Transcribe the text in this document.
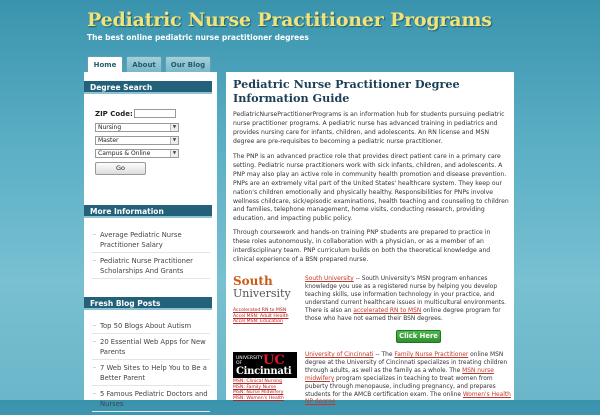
Pediatric Nurse Practitioner Programs
The best online pediatric nurse practitioner degrees
Home	About	Our Blog
Degree Search
ZIP Code:
Nursing	▼
Master	▼
Campus & Online	▼
Go
More Information
– Average Pediatric Nurse Practitioner Salary
– Pediatric Nurse Practitioner Scholarships And Grants
Fresh Blog Posts
– Top 50 Blogs About Autism
– 20 Essential Web Apps for New Parents
– 7 Web Sites to Help You to Be a Better Parent
– 5 Famous Pediatric Doctors and Nurses
Pediatric Nurse Practitioner Degree Information Guide

PediatricNursePractitionerPrograms is an information hub for students pursuing pediatric nurse practitioner programs. A pediatric nurse has advanced training in pediatrics and provides nursing care for infants, children, and adolescents. An RN license and MSN degree are pre-requisites to becoming a pediatric nurse practitioner.

The PNP is an advanced practice role that provides direct patient care in a primary care setting. Pediatric nurse practitioners work with sick infants, children, and adolescents. A PNP may also play an active role in community health promotion and disease prevention. PNPs are an extremely vital part of the United States' healthcare system. They keep our nation's children emotionally and physically healthy. Responsibilities for PNPs involve wellness childcare, sick/episodic examinations, health teaching and counseling to children and families, telephone management, home visits, conducting research, providing education, and impacting public policy.

Through coursework and hands-on training PNP students are prepared to practice in these roles autonomously, in collaboration with a physician, or as a member of an interdisciplinary team. PNP curriculum builds on both the theoretical knowledge and clinical experience of a BSN prepared nurse.

South
University
Accelerated RN to MSN
Accel MSN: Adult Health
Accel MSN: Education
South University -- South University's MSN program enhances knowledge you use as a registered nurse by helping you develop teaching skills, use information technology in your practice, and understand current healthcare issues in multicultural environments. There is also an accelerated RN to MSN online degree program for those who have not earned their BSN degrees.
Click Here
UNIVERSITY OF	UC
Cincinnati
MSN: Clinical Nursing
MSN: Family Nurse
MSN: Nurse Midwifery
MSN: Women's Health
University of Cincinnati -- The Family Nurse Practitioner online MSN degree at the University of Cincinnati specializes in treating children through adults, as well as the family as a whole. The MSN nurse midwifery program specializes in teaching to treat women from puberty through menopause, including pregnancy, and prepares students for the AMCB certification exam. The online Women's Health NP degree
